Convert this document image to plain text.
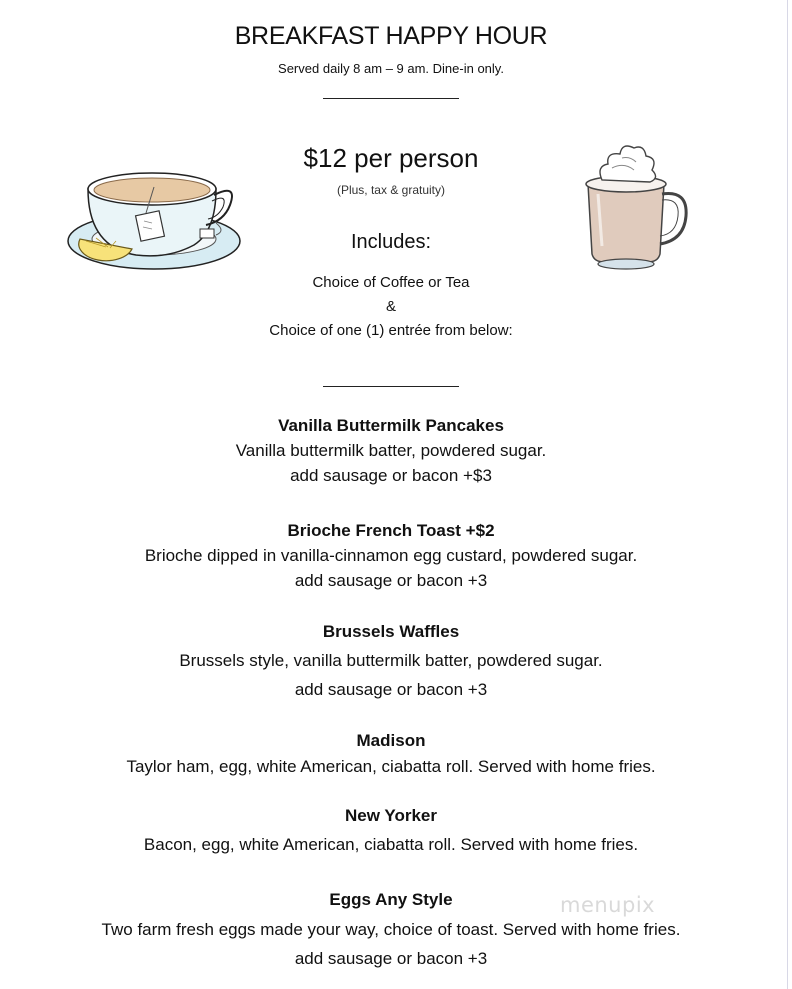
BREAKFAST HAPPY HOUR
Served daily 8 am – 9 am. Dine-in only.
$12 per person
(Plus, tax & gratuity)
Includes:
Choice of Coffee or Tea
&
Choice of one (1) entrée from below:
Vanilla Buttermilk Pancakes
Vanilla buttermilk batter, powdered sugar.
add sausage or bacon +$3
Brioche French Toast +$2
Brioche dipped in vanilla-cinnamon egg custard, powdered sugar.
add sausage or bacon +3
Brussels Waffles
Brussels style, vanilla buttermilk batter, powdered sugar.
add sausage or bacon +3
Madison
Taylor ham, egg, white American, ciabatta roll. Served with home fries.
New Yorker
Bacon, egg, white American, ciabatta roll. Served with home fries.
Eggs Any Style
Two farm fresh eggs made your way, choice of toast. Served with home fries.
add sausage or bacon +3
menupix
